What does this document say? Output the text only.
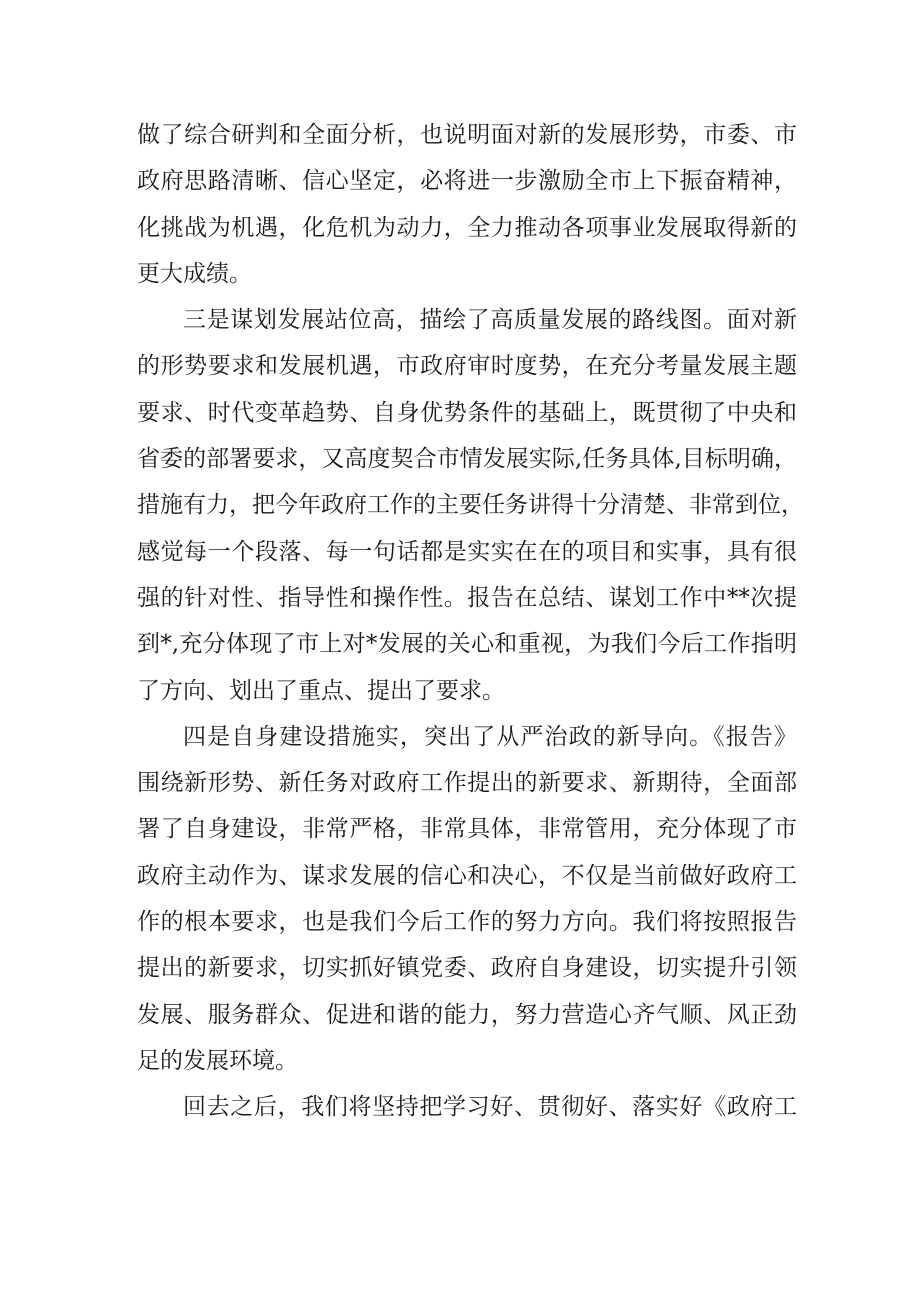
做了综合研判和全面分析，也说明面对新的发展形势，市委、市
政府思路清晰、信心坚定，必将进一步激励全市上下振奋精神，
化挑战为机遇，化危机为动力，全力推动各项事业发展取得新的
更大成绩。
三是谋划发展站位高，描绘了高质量发展的路线图。面对新
的形势要求和发展机遇，市政府审时度势，在充分考量发展主题
要求、时代变革趋势、自身优势条件的基础上，既贯彻了中央和
省委的部署要求，又高度契合市情发展实际,任务具体,目标明确，
措施有力，把今年政府工作的主要任务讲得十分清楚、非常到位，
感觉每一个段落、每一句话都是实实在在的项目和实事，具有很
强的针对性、指导性和操作性。报告在总结、谋划工作中**次提
到*,充分体现了市上对*发展的关心和重视，为我们今后工作指明
了方向、划出了重点、提出了要求。
四是自身建设措施实，突出了从严治政的新导向。《报告》
围绕新形势、新任务对政府工作提出的新要求、新期待，全面部
署了自身建设，非常严格，非常具体，非常管用，充分体现了市
政府主动作为、谋求发展的信心和决心，不仅是当前做好政府工
作的根本要求，也是我们今后工作的努力方向。我们将按照报告
提出的新要求，切实抓好镇党委、政府自身建设，切实提升引领
发展、服务群众、促进和谐的能力，努力营造心齐气顺、风正劲
足的发展环境。
回去之后，我们将坚持把学习好、贯彻好、落实好《政府工
